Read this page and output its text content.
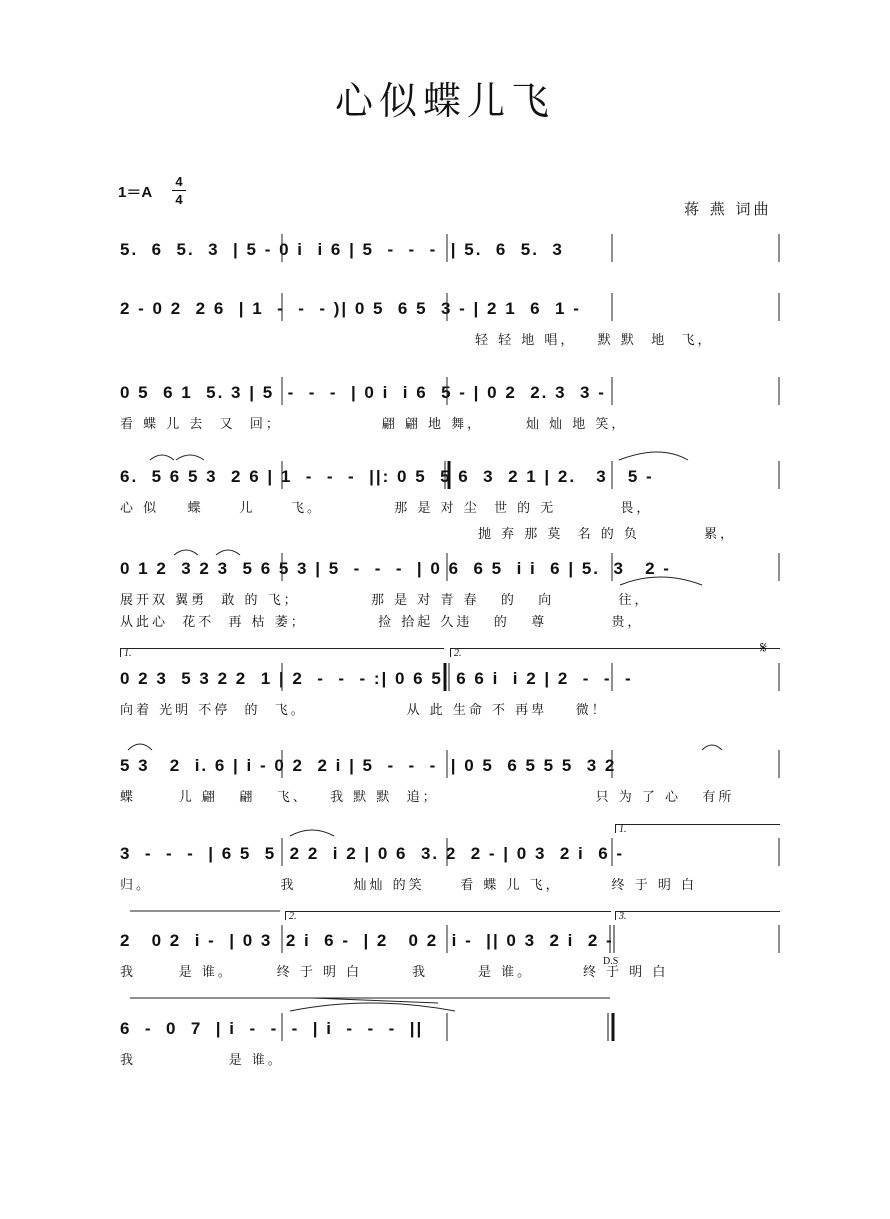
心似蝶儿飞
1＝A
4
4
蒋 燕 词曲
5.  6  5.  3  | 5 - 0 i  i 6 | 5  -  -  -  | 5.  6  5.  3
2 - 0 2  2 6  | 1  -  -  - )| 0 5  6 5  3 - | 2 1  6  1 -
轻 轻 地 唱，   默 默  地  飞，
0 5  6 1  5. 3 | 5  -  -  -  | 0 i  i 6  5 - | 0 2  2. 3  3 -
看 蝶 儿 去  又  回；              翩 翩 地 舞，      灿 灿 地 笑，
6.  5 6 5 3  2 6 | 1  -  -  -  ||: 0 5  5 6  3  2 1 | 2.   3   5 -
心 似    蝶     儿     飞。          那 是 对 尘  世 的 无         畏，
抛 弃 那 莫  名 的 负         累，
0 1 2  3 2 3  5 6 5 3 | 5  -  -  -  | 0 6  6 5  i i  6 | 5.  3   2 -
展开双 翼勇  敢 的 飞；          那 是 对 青 春   的   向         往，
从此心  花不  再 枯 萎；          捡 拾起 久违   的   尊         贵，
0 2 3  5 3 2 2  1 | 2  -  -  - :| 0 6 5  6 6 i  i 2 | 2  -  -  -
向着 光明 不停  的  飞。              从 此 生命 不 再卑    微！
5 3   2  i. 6 | i - 0 2  2 i | 5  -  -  -  | 0 5  6 5 5 5  3 2
蝶      儿 翩   翩   飞、   我 默 默  追；                      只 为 了 心   有所
3  -  -  -  | 6 5  5  2 2  i 2 | 0 6  3. 2  2 - | 0 3  2 i  6 -
归。                  我        灿灿 的笑     看 蝶 儿 飞，       终 于 明 白
2   0 2  i -  | 0 3  2 i  6 -  | 2   0 2  i -  || 0 3  2 i  2 -
我      是 谁。      终 于 明 白       我       是 谁。       终 于 明 白
6  -  0  7  | i  -  -  -  | i  -  -  -  ||
我             是 谁。
1.	2.
1.
2.	3.
D.S
𝄋
